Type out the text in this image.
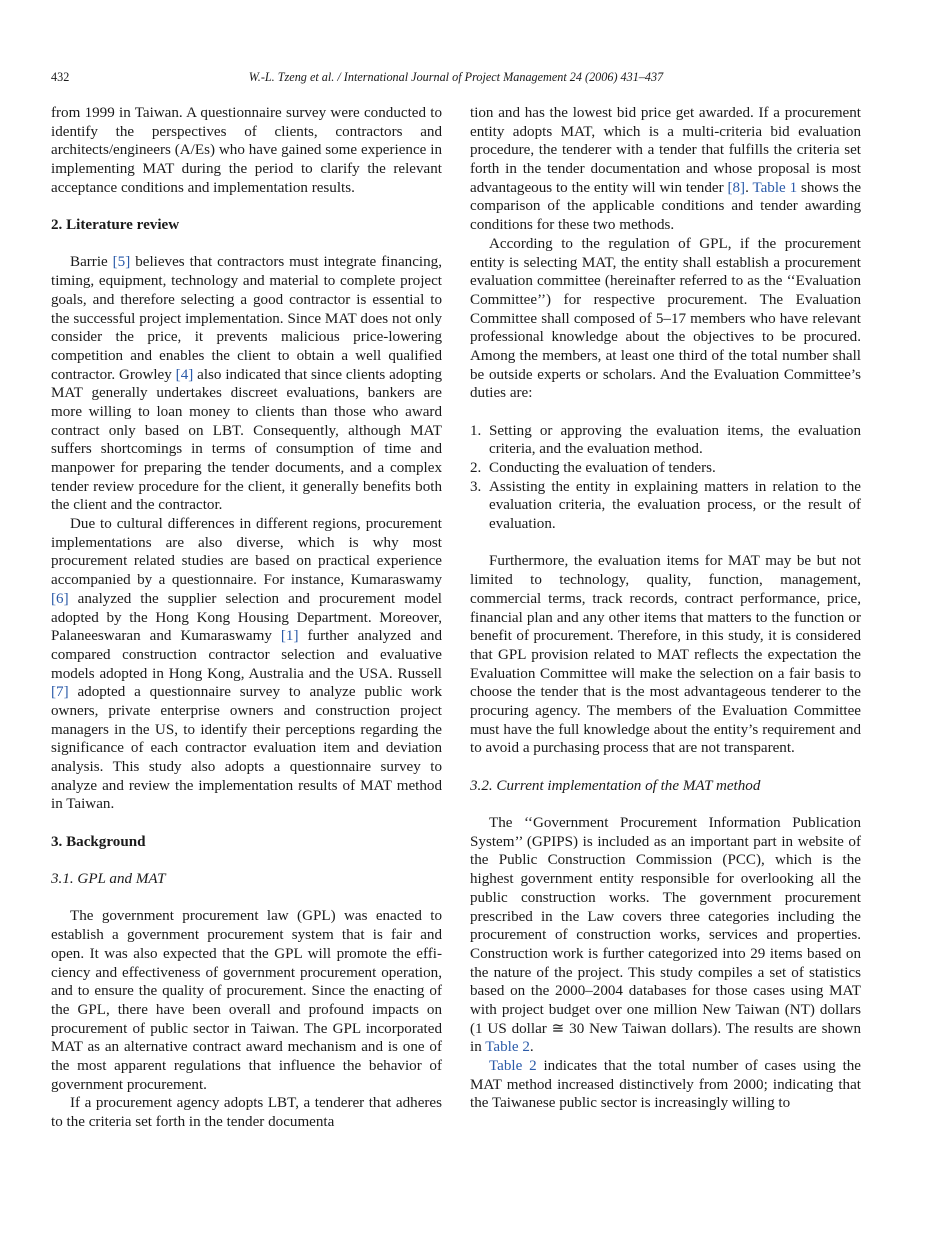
432	W.-L. Tzeng et al. / International Journal of Project Management 24 (2006) 431–437

from 1999 in Taiwan. A questionnaire survey were conducted to identify the perspectives of clients, contractors and architects/engineers (A/Es) who have gained some experience in implementing MAT during the period to clarify the relevant acceptance conditions and implementation results.

2. Literature review

Barrie [5] believes that contractors must integrate financing, timing, equipment, technology and material to complete project goals, and therefore selecting a good contractor is essential to the successful project implementation. Since MAT does not only consider the price, it prevents malicious price-lowering competition and enables the client to obtain a well qualified contractor. Growley [4] also indicated that since clients adopting MAT generally undertakes discreet evaluations, bankers are more willing to loan money to clients than those who award contract only based on LBT. Consequently, although MAT suffers shortcomings in terms of consumption of time and manpower for preparing the tender documents, and a complex tender review procedure for the client, it generally benefits both the client and the contractor.

Due to cultural differences in different regions, procurement implementations are also diverse, which is why most procurement related studies are based on practical experience accompanied by a questionnaire. For instance, Kumaraswamy [6] analyzed the supplier selection and procurement model adopted by the Hong Kong Housing Department. Moreover, Palaneeswaran and Kumaraswamy [1] further analyzed and compared construction contractor selection and evaluative models adopted in Hong Kong, Australia and the USA. Russell [7] adopted a questionnaire survey to analyze public work owners, private enterprise owners and construction project managers in the US, to identify their perceptions regarding the significance of each contractor evaluation item and deviation analysis. This study also adopts a questionnaire survey to analyze and review the implementation results of MAT method in Taiwan.

3. Background

3.1. GPL and MAT

The government procurement law (GPL) was enacted to establish a government procurement system that is fair and open. It was also expected that the GPL will promote the efficiency and effectiveness of government procurement operation, and to ensure the quality of procurement. Since the enacting of the GPL, there have been overall and profound impacts on procurement of public sector in Taiwan. The GPL incorporated MAT as an alternative contract award mechanism and is one of the most apparent regulations that influence the behavior of government procurement.

If a procurement agency adopts LBT, a tenderer that adheres to the criteria set forth in the tender documenta

tion and has the lowest bid price get awarded. If a procurement entity adopts MAT, which is a multi-criteria bid evaluation procedure, the tenderer with a tender that fulfills the criteria set forth in the tender documentation and whose proposal is most advantageous to the entity will win tender [8]. Table 1 shows the comparison of the applicable conditions and tender awarding conditions for these two methods.

According to the regulation of GPL, if the procurement entity is selecting MAT, the entity shall establish a procurement evaluation committee (hereinafter referred to as the ‘‘Evaluation Committee’’) for respective procurement. The Evaluation Committee shall composed of 5–17 members who have relevant professional knowledge about the objectives to be procured. Among the members, at least one third of the total number shall be outside experts or scholars. And the Evaluation Committee’s duties are:

1. Setting or approving the evaluation items, the evaluation criteria, and the evaluation method.
2. Conducting the evaluation of tenders.
3. Assisting the entity in explaining matters in relation to the evaluation criteria, the evaluation process, or the result of evaluation.

Furthermore, the evaluation items for MAT may be but not limited to technology, quality, function, management, commercial terms, track records, contract performance, price, financial plan and any other items that matters to the function or benefit of procurement. Therefore, in this study, it is considered that GPL provision related to MAT reflects the expectation the Evaluation Committee will make the selection on a fair basis to choose the tender that is the most advantageous tenderer to the procuring agency. The members of the Evaluation Committee must have the full knowledge about the entity’s requirement and to avoid a purchasing process that are not transparent.

3.2. Current implementation of the MAT method

The ‘‘Government Procurement Information Publication System’’ (GPIPS) is included as an important part in website of the Public Construction Commission (PCC), which is the highest government entity responsible for overlooking all the public construction works. The government procurement prescribed in the Law covers three categories including the procurement of construction works, services and properties. Construction work is further categorized into 29 items based on the nature of the project. This study compiles a set of statistics based on the 2000–2004 databases for those cases using MAT with project budget over one million New Taiwan (NT) dollars (1 US dollar ≅ 30 New Taiwan dollars). The results are shown in Table 2.

Table 2 indicates that the total number of cases using the MAT method increased distinctively from 2000; indicating that the Taiwanese public sector is increasingly willing to
